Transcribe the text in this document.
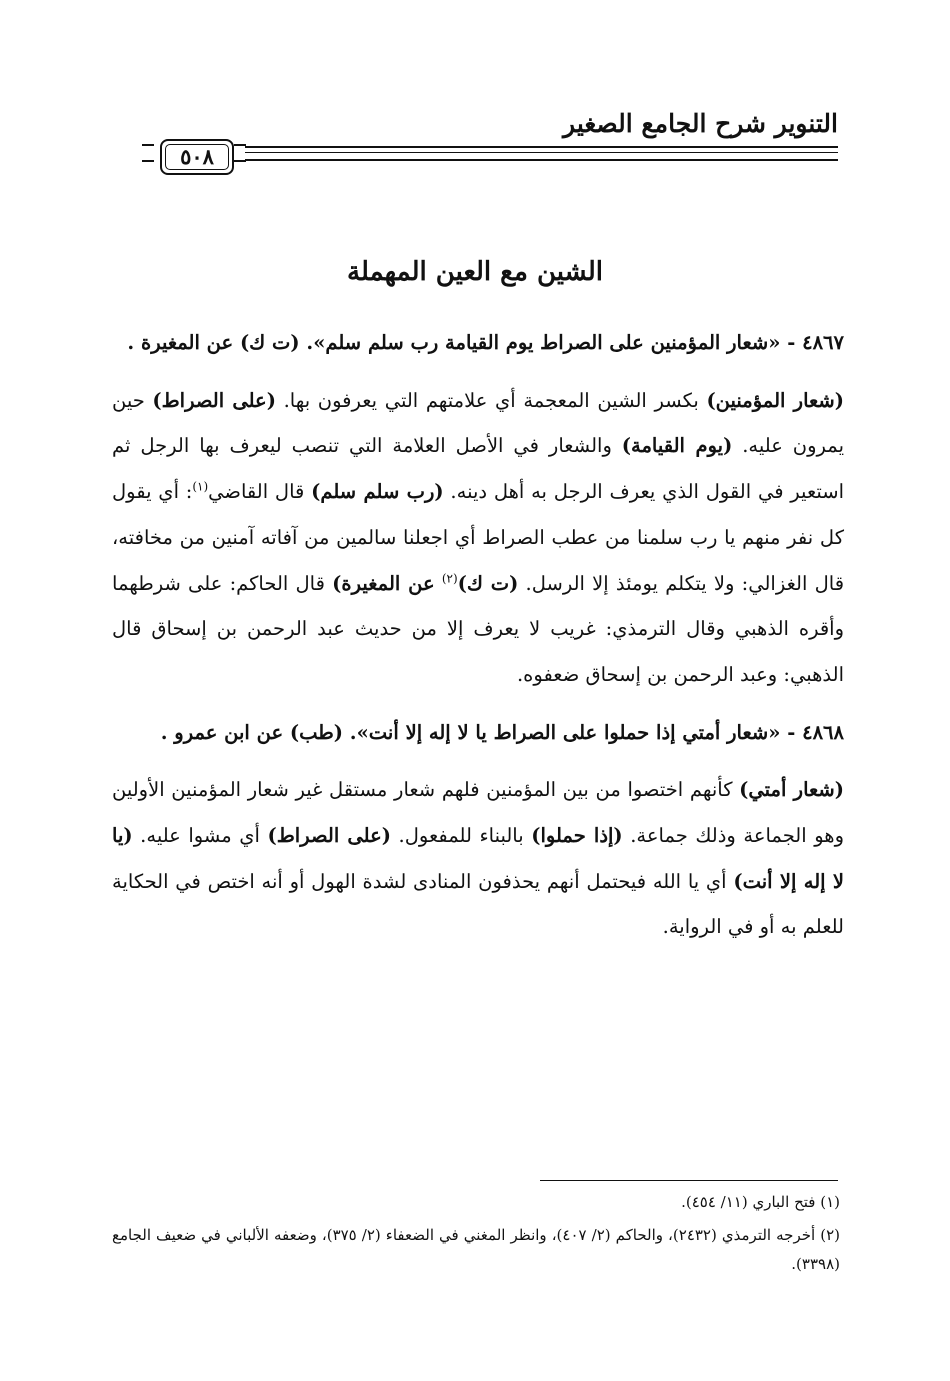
التنوير شرح الجامع الصغير
٥٠٨
الشين مع العين المهملة

٤٨٦٧ - «شعار المؤمنين على الصراط يوم القيامة رب سلم سلم». (ت ك) عن المغيرة .

(شعار المؤمنين) بكسر الشين المعجمة أي علامتهم التي يعرفون بها. (على الصراط) حين يمرون عليه. (يوم القيامة) والشعار في الأصل العلامة التي تنصب ليعرف بها الرجل ثم استعير في القول الذي يعرف الرجل به أهل دينه. (رب سلم سلم) قال القاضي$^{(١)}$: أي يقول كل نفر منهم يا رب سلمنا من عطب الصراط أي اجعلنا سالمين من آفاته آمنين من مخافته، قال الغزالي: ولا يتكلم يومئذ إلا الرسل. (ت ك)$^{(٢)}$ عن المغيرة) قال الحاكم: على شرطهما وأقره الذهبي وقال الترمذي: غريب لا يعرف إلا من حديث عبد الرحمن بن إسحاق قال الذهبي: وعبد الرحمن بن إسحاق ضعفوه.

٤٨٦٨ - «شعار أمتي إذا حملوا على الصراط يا لا إله إلا أنت». (طب) عن ابن عمرو .

(شعار أمتي) كأنهم اختصوا من بين المؤمنين فلهم شعار مستقل غير شعار المؤمنين الأولين وهو الجماعة وذلك جماعة. (إذا حملوا) بالبناء للمفعول. (على الصراط) أي مشوا عليه. (يا لا إله إلا أنت) أي يا الله فيحتمل أنهم يحذفون المنادى لشدة الهول أو أنه اختص في الحكاية للعلم به أو في الرواية.

(١) فتح الباري (١١/ ٤٥٤).

(٢) أخرجه الترمذي (٢٤٣٢)، والحاكم (٢/ ٤٠٧)، وانظر المغني في الضعفاء (٢/ ٣٧٥)، وضعفه الألباني في ضعيف الجامع (٣٣٩٨).
